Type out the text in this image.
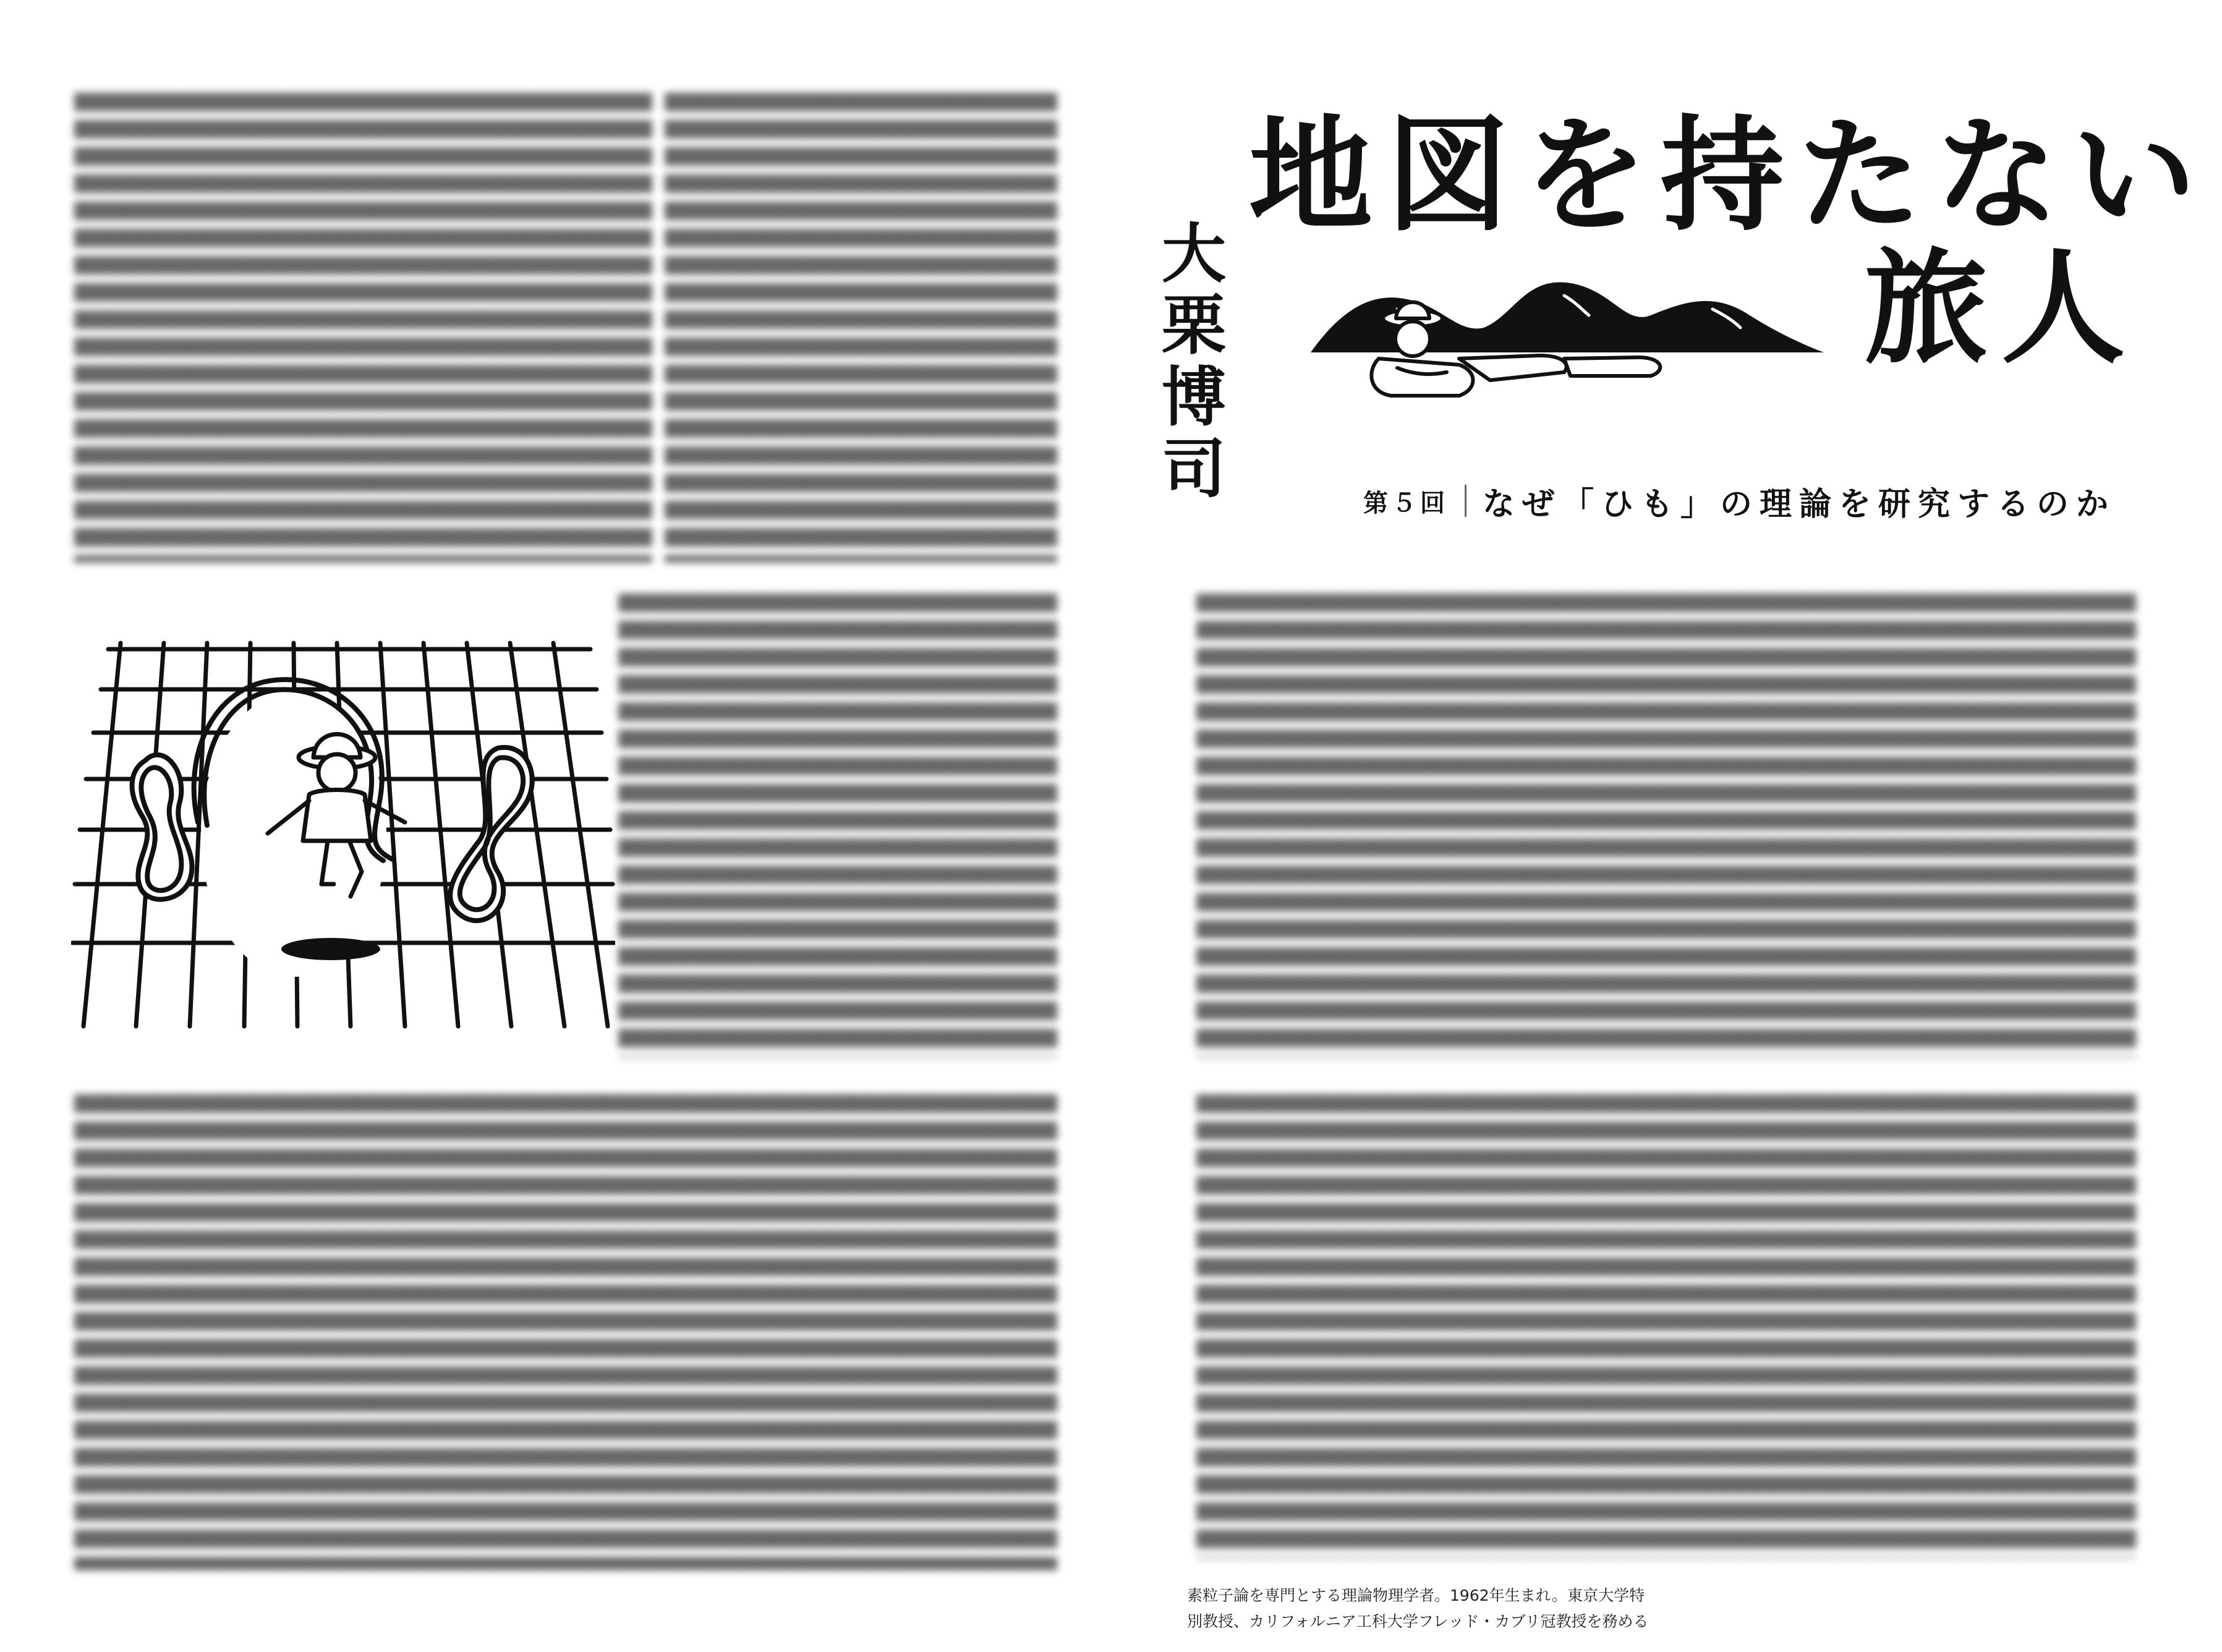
地図を持たない
旅人
大栗博司	第５回 なぜ「ひも」の理論を研究するのか
素粒子論を専門とする理論物理学者。1962年生まれ。東京大学特
別教授、カリフォルニア工科大学フレッド・カブリ冠教授を務める
